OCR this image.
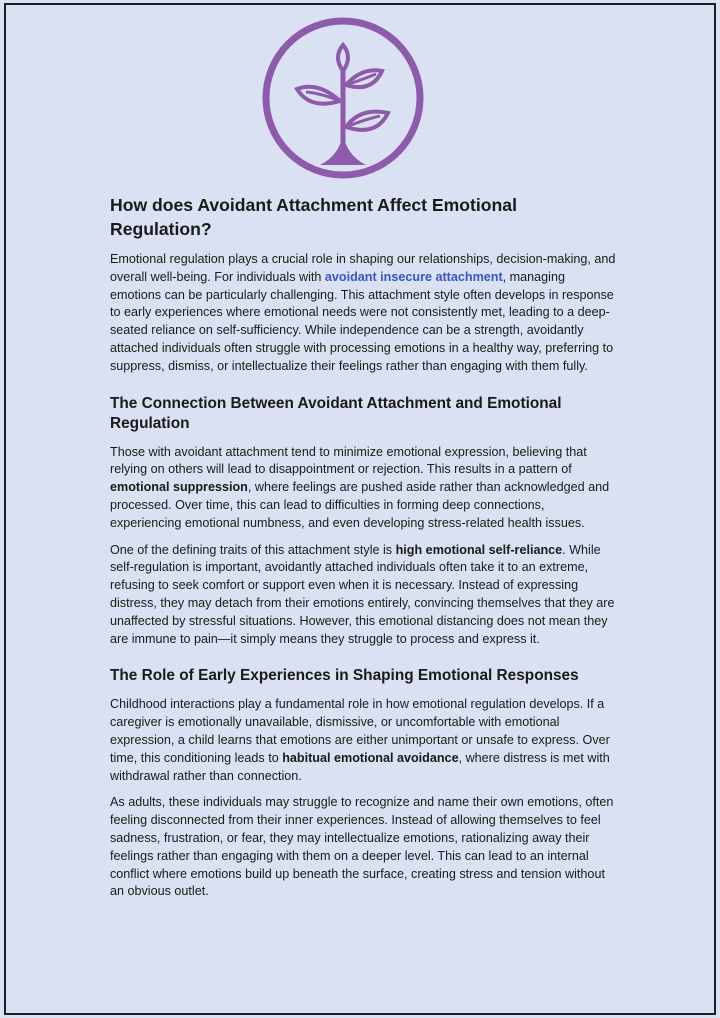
How does Avoidant Attachment Affect Emotional Regulation?

Emotional regulation plays a crucial role in shaping our relationships, decision-making, and overall well-being. For individuals with avoidant insecure attachment, managing emotions can be particularly challenging. This attachment style often develops in response to early experiences where emotional needs were not consistently met, leading to a deep-seated reliance on self-sufficiency. While independence can be a strength, avoidantly attached individuals often struggle with processing emotions in a healthy way, preferring to suppress, dismiss, or intellectualize their feelings rather than engaging with them fully.

The Connection Between Avoidant Attachment and Emotional Regulation

Those with avoidant attachment tend to minimize emotional expression, believing that relying on others will lead to disappointment or rejection. This results in a pattern of emotional suppression, where feelings are pushed aside rather than acknowledged and processed. Over time, this can lead to difficulties in forming deep connections, experiencing emotional numbness, and even developing stress-related health issues.

One of the defining traits of this attachment style is high emotional self-reliance. While self-regulation is important, avoidantly attached individuals often take it to an extreme, refusing to seek comfort or support even when it is necessary. Instead of expressing distress, they may detach from their emotions entirely, convincing themselves that they are unaffected by stressful situations. However, this emotional distancing does not mean they are immune to pain—it simply means they struggle to process and express it.

The Role of Early Experiences in Shaping Emotional Responses

Childhood interactions play a fundamental role in how emotional regulation develops. If a caregiver is emotionally unavailable, dismissive, or uncomfortable with emotional expression, a child learns that emotions are either unimportant or unsafe to express. Over time, this conditioning leads to habitual emotional avoidance, where distress is met with withdrawal rather than connection.

As adults, these individuals may struggle to recognize and name their own emotions, often feeling disconnected from their inner experiences. Instead of allowing themselves to feel sadness, frustration, or fear, they may intellectualize emotions, rationalizing away their feelings rather than engaging with them on a deeper level. This can lead to an internal conflict where emotions build up beneath the surface, creating stress and tension without an obvious outlet.
